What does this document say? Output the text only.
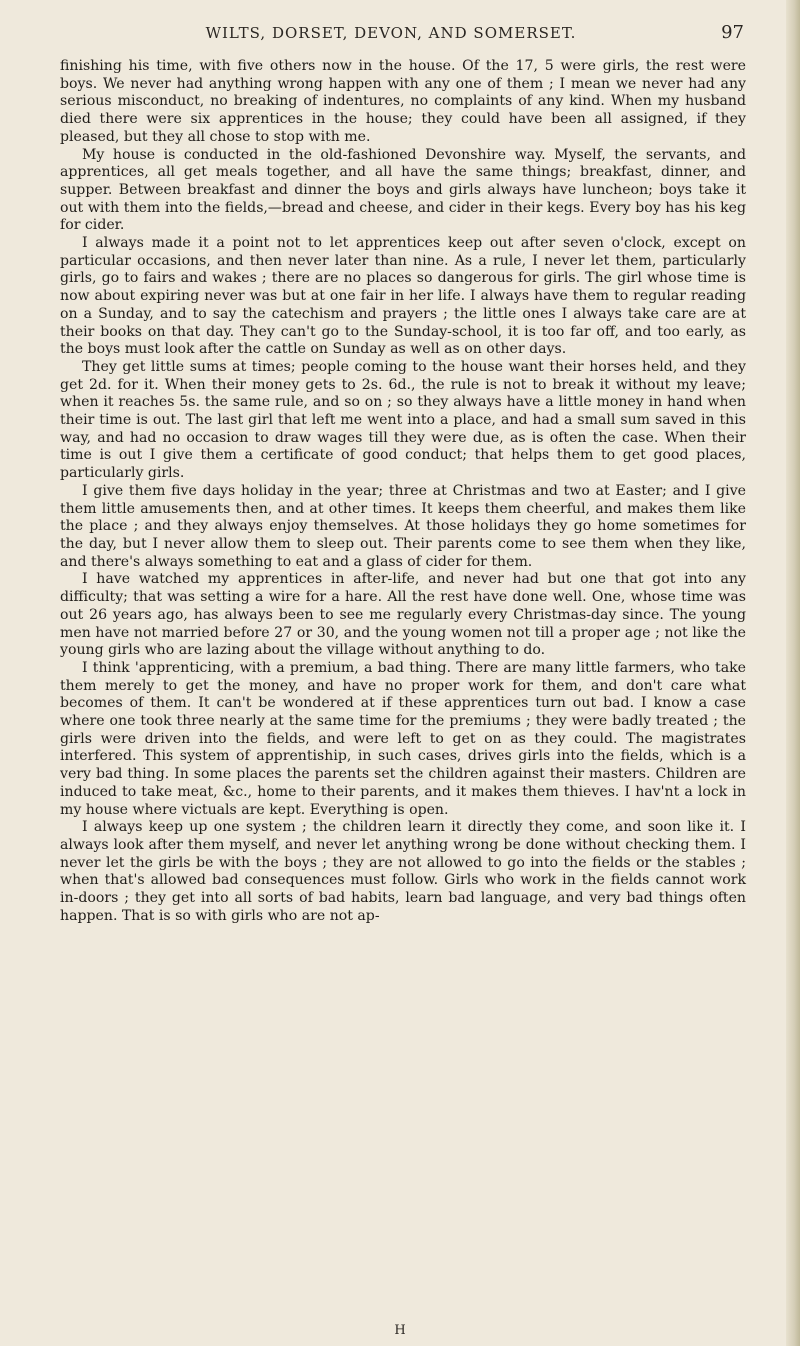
WILTS, DORSET, DEVON, AND SOMERSET.	97

finishing his time, with five others now in the house. Of the 17, 5 were girls, the rest were boys. We never had anything wrong happen with any one of them ; I mean we never had any serious misconduct, no breaking of indentures, no complaints of any kind. When my husband died there were six apprentices in the house; they could have been all assigned, if they pleased, but they all chose to stop with me.

My house is conducted in the old-fashioned Devonshire way. Myself, the servants, and apprentices, all get meals together, and all have the same things; breakfast, dinner, and supper. Between breakfast and dinner the boys and girls always have luncheon; boys take it out with them into the fields,—bread and cheese, and cider in their kegs. Every boy has his keg for cider.

I always made it a point not to let apprentices keep out after seven o'clock, except on particular occasions, and then never later than nine. As a rule, I never let them, particularly girls, go to fairs and wakes ; there are no places so dangerous for girls. The girl whose time is now about expiring never was but at one fair in her life. I always have them to regular reading on a Sunday, and to say the catechism and prayers ; the little ones I always take care are at their books on that day. They can't go to the Sunday-school, it is too far off, and too early, as the boys must look after the cattle on Sunday as well as on other days.

They get little sums at times; people coming to the house want their horses held, and they get 2d. for it. When their money gets to 2s. 6d., the rule is not to break it without my leave; when it reaches 5s. the same rule, and so on ; so they always have a little money in hand when their time is out. The last girl that left me went into a place, and had a small sum saved in this way, and had no occasion to draw wages till they were due, as is often the case. When their time is out I give them a certificate of good conduct; that helps them to get good places, particularly girls.

I give them five days holiday in the year; three at Christmas and two at Easter; and I give them little amusements then, and at other times. It keeps them cheerful, and makes them like the place ; and they always enjoy themselves. At those holidays they go home sometimes for the day, but I never allow them to sleep out. Their parents come to see them when they like, and there's always something to eat and a glass of cider for them.

I have watched my apprentices in after-life, and never had but one that got into any difficulty; that was setting a wire for a hare. All the rest have done well. One, whose time was out 26 years ago, has always been to see me regularly every Christmas-day since. The young men have not married before 27 or 30, and the young women not till a proper age ; not like the young girls who are lazing about the village without anything to do.

I think 'apprenticing, with a premium, a bad thing. There are many little farmers, who take them merely to get the money, and have no proper work for them, and don't care what becomes of them. It can't be wondered at if these apprentices turn out bad. I know a case where one took three nearly at the same time for the premiums ; they were badly treated ; the girls were driven into the fields, and were left to get on as they could. The magistrates interfered. This system of apprentiship, in such cases, drives girls into the fields, which is a very bad thing. In some places the parents set the children against their masters. Children are induced to take meat, &c., home to their parents, and it makes them thieves. I hav'nt a lock in my house where victuals are kept. Everything is open.

I always keep up one system ; the children learn it directly they come, and soon like it. I always look after them myself, and never let anything wrong be done without checking them. I never let the girls be with the boys ; they are not allowed to go into the fields or the stables ; when that's allowed bad consequences must follow. Girls who work in the fields cannot work in-doors ; they get into all sorts of bad habits, learn bad language, and very bad things often happen. That is so with girls who are not ap-

H
